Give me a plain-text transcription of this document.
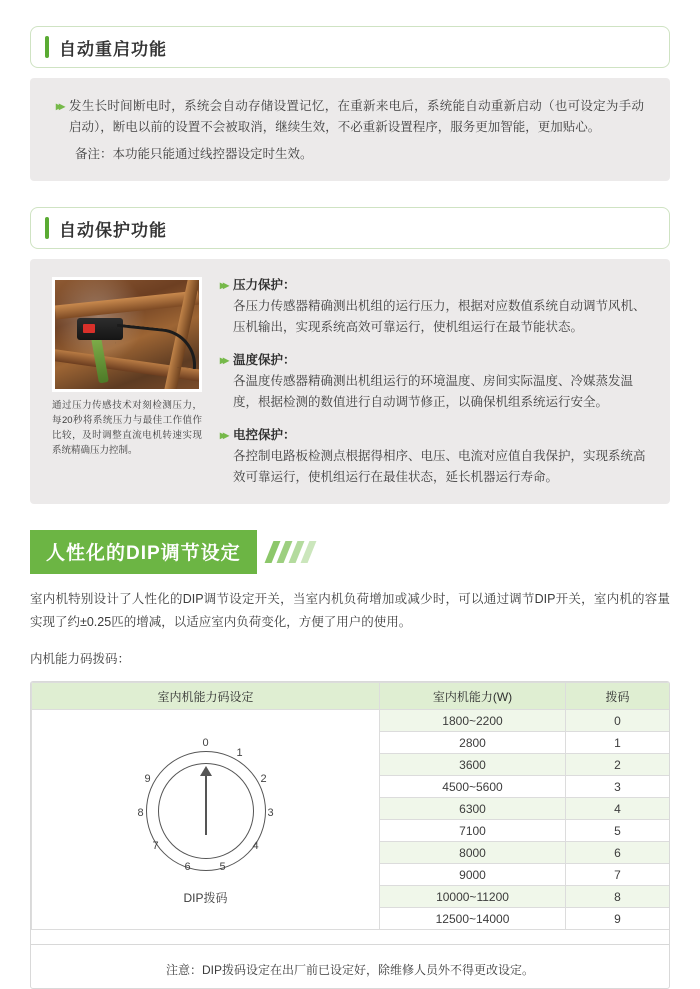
自动重启功能
▸▸ 发生长时间断电时，系统会自动存储设置记忆，在重新来电后，系统能自动重新启动（也可设定为手动启动），断电以前的设置不会被取消，继续生效，不必重新设置程序，服务更加智能，更加贴心。
备注：本功能只能通过线控器设定时生效。
自动保护功能
通过压力传感技术对刻检测压力，每20秒将系统压力与最佳工作值作比较，及时调整直流电机转速实现系统精确压力控制。
▸▸ 压力保护：
各压力传感器精确测出机组的运行压力，根据对应数值系统自动调节风机、压机输出，实现系统高效可靠运行，使机组运行在最节能状态。
▸▸ 温度保护：
各温度传感器精确测出机组运行的环境温度、房间实际温度、冷媒蒸发温度，根据检测的数值进行自动调节修正，以确保机组系统运行安全。
▸▸ 电控保护：
各控制电路板检测点根据得相序、电压、电流对应值自我保护，实现系统高效可靠运行，使机组运行在最佳状态，延长机器运行寿命。
人性化的DIP调节设定
室内机特别设计了人性化的DIP调节设定开关，当室内机负荷增加或减少时，可以通过调节DIP开关，室内机的容量实现了约±0.25匹的增减，以适应室内负荷变化，方便了用户的使用。
内机能力码拨码：
室内机能力码设定	室内机能力(W)	拨码

0
1
2
3
4
5
6
7
8
9
DIP拨码
	1800~2200	0
	2800	1
	3600	2
	4500~5600	3
	6300	4
	7100	5
	8000	6
	9000	7
	10000~11200	8
	12500~14000	9
注意：DIP拨码设定在出厂前已设定好，除维修人员外不得更改设定。
